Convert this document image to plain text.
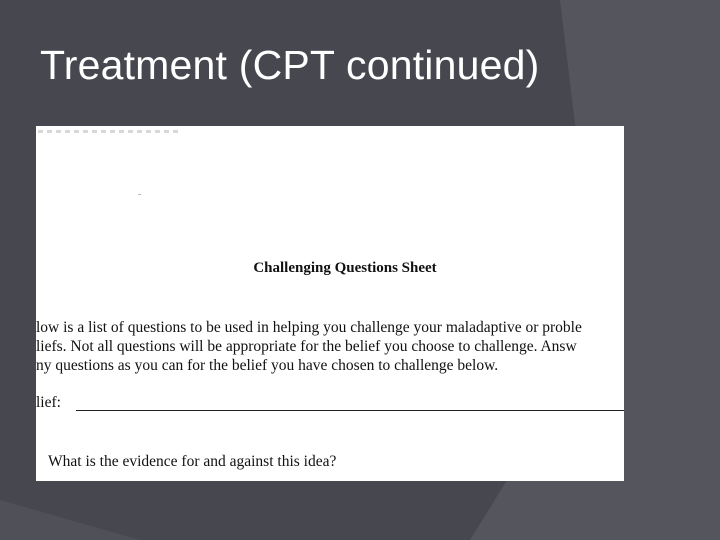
Treatment (CPT continued)
Challenging Questions Sheet
low is a list of questions to be used in helping you challenge your maladaptive or proble
liefs. Not all questions will be appropriate for the belief you choose to challenge. Answ
ny questions as you can for the belief you have chosen to challenge below.
lief:
What is the evidence for and against this idea?
